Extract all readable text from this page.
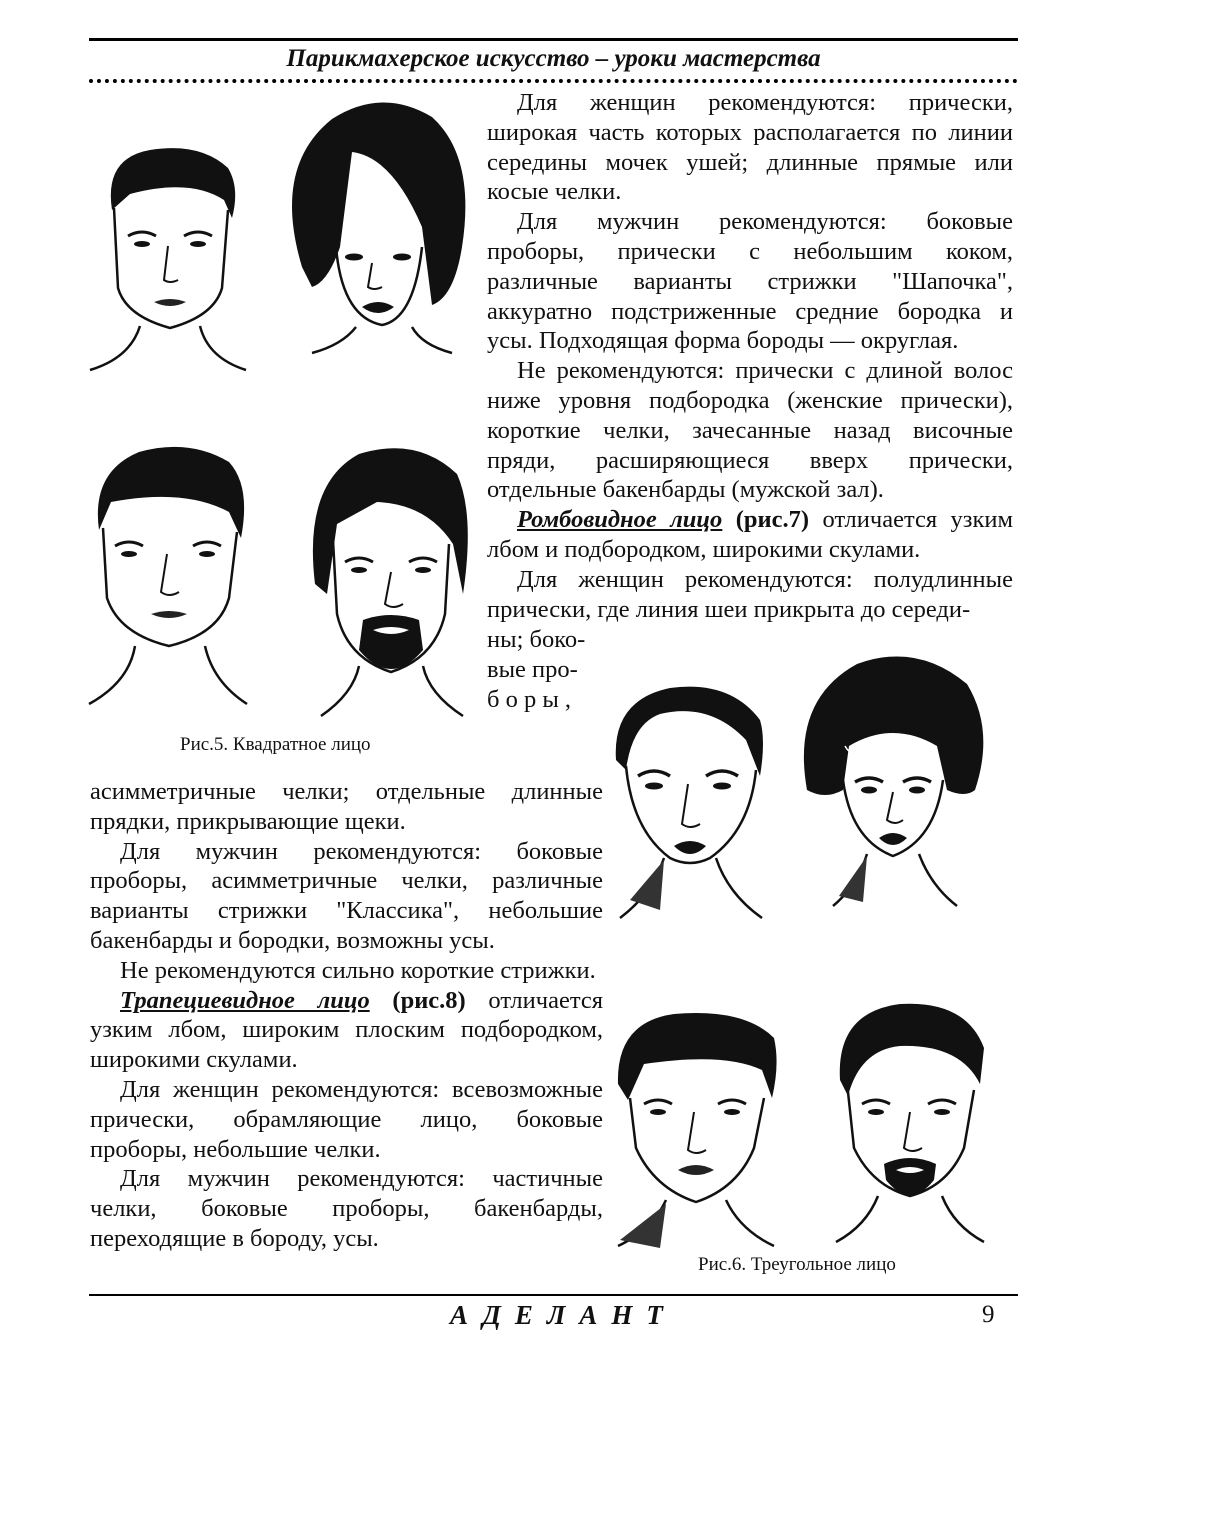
Парикмахерское искусство – уроки мастерства

Для женщин рекомендуются: прически, широкая часть которых располагается по линии середины мочек ушей; длинные прямые или косые челки.

Для мужчин рекомендуются: боковые проборы, прически с небольшим коком, различные варианты стрижки "Шапочка", аккуратно подстриженные средние бородка и усы. Подходящая форма бороды — округлая.

Не рекомендуются: прически с длиной волос ниже уровня подбородка (женские прически), короткие челки, зачесанные назад височные пряди, расширяющиеся вверх прически, отдельные бакенбарды (мужской зал).

Ромбовидное лицо (рис.7) отличается узким лбом и подбородком, широкими скулами.

Для женщин рекомендуются: полудлинные прически, где линия шеи прикрыта до середи-

ны; боко-

вые про-

б о р ы ,

асимметричные челки; отдельные длинные прядки, прикрывающие щеки.

Для мужчин рекомендуются: боковые проборы, асимметричные челки, различные варианты стрижки "Классика", небольшие бакенбарды и бородки, возможны усы.

Не рекомендуются сильно короткие стрижки.

Трапециевидное лицо (рис.8) отличается узким лбом, широким плоским подбородком, широкими скулами.

Для женщин рекомендуются: всевозможные прически, обрамляющие лицо, боковые проборы, небольшие челки.

Для мужчин рекомендуются: частичные челки, боковые проборы, бакенбарды, переходящие в бороду, усы.

Рис.5. Квадратное лицо
Рис.6. Треугольное лицо
АДЕЛАНТ	9
